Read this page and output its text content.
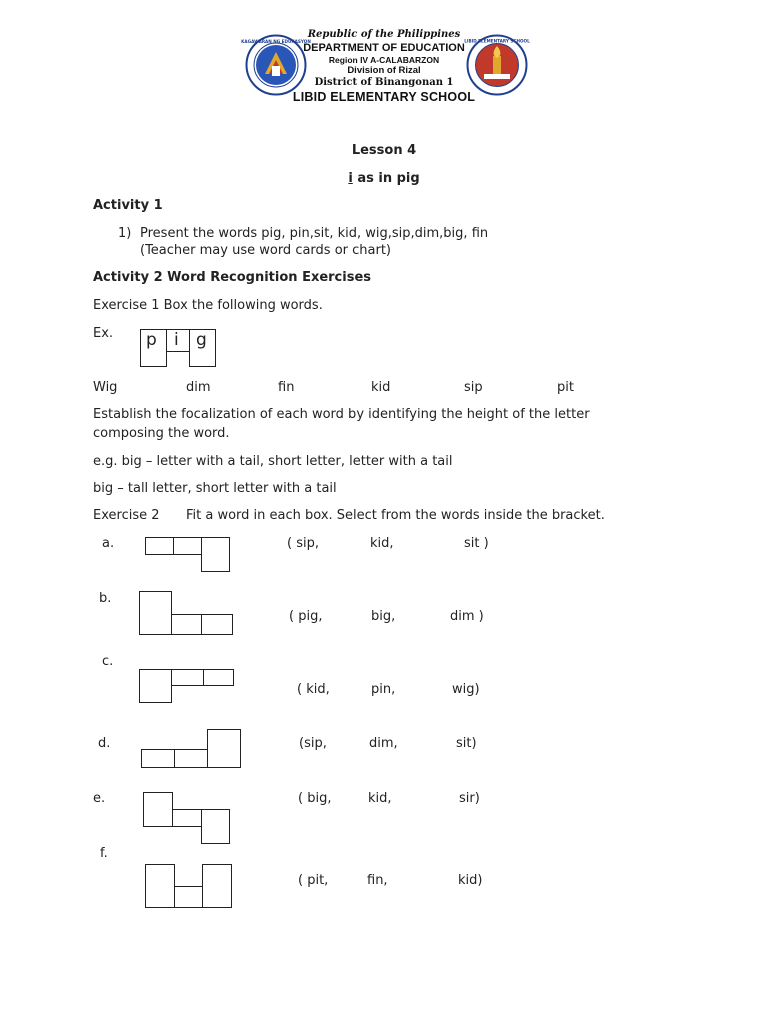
KAGAWARAN NG EDUKASYON	LIBID ELEMENTARY SCHOOL
Republic of the Philippines
DEPARTMENT OF EDUCATION
Region IV A-CALABARZON
Division of Rizal
District of Binangonan 1
LIBID ELEMENTARY SCHOOL
Lesson 4
i as in pig
Activity 1
1) Present the words pig, pin,sit, kid, wig,sip,dim,big, fin
(Teacher may use word cards or chart)
Activity 2 Word Recognition Exercises
Exercise 1 Box the following words.
Ex. p i g
Wig	dim	fin	kid	sip	pit
Establish the focalization of each word by identifying the height of the letter
composing the word.
e.g. big – letter with a tail, short letter, letter with a tail
big – tall letter, short letter with a tail
Exercise 2 Fit a word in each box. Select from the words inside the bracket.
a.	( sip,	kid,	sit )
b.
( pig,	big,	dim )
c.
( kid,	pin,	wig)
d.	(sip,	dim,	sit)
e.	( big,	kid,	sir)
f.
( pit,	fin,	kid)
